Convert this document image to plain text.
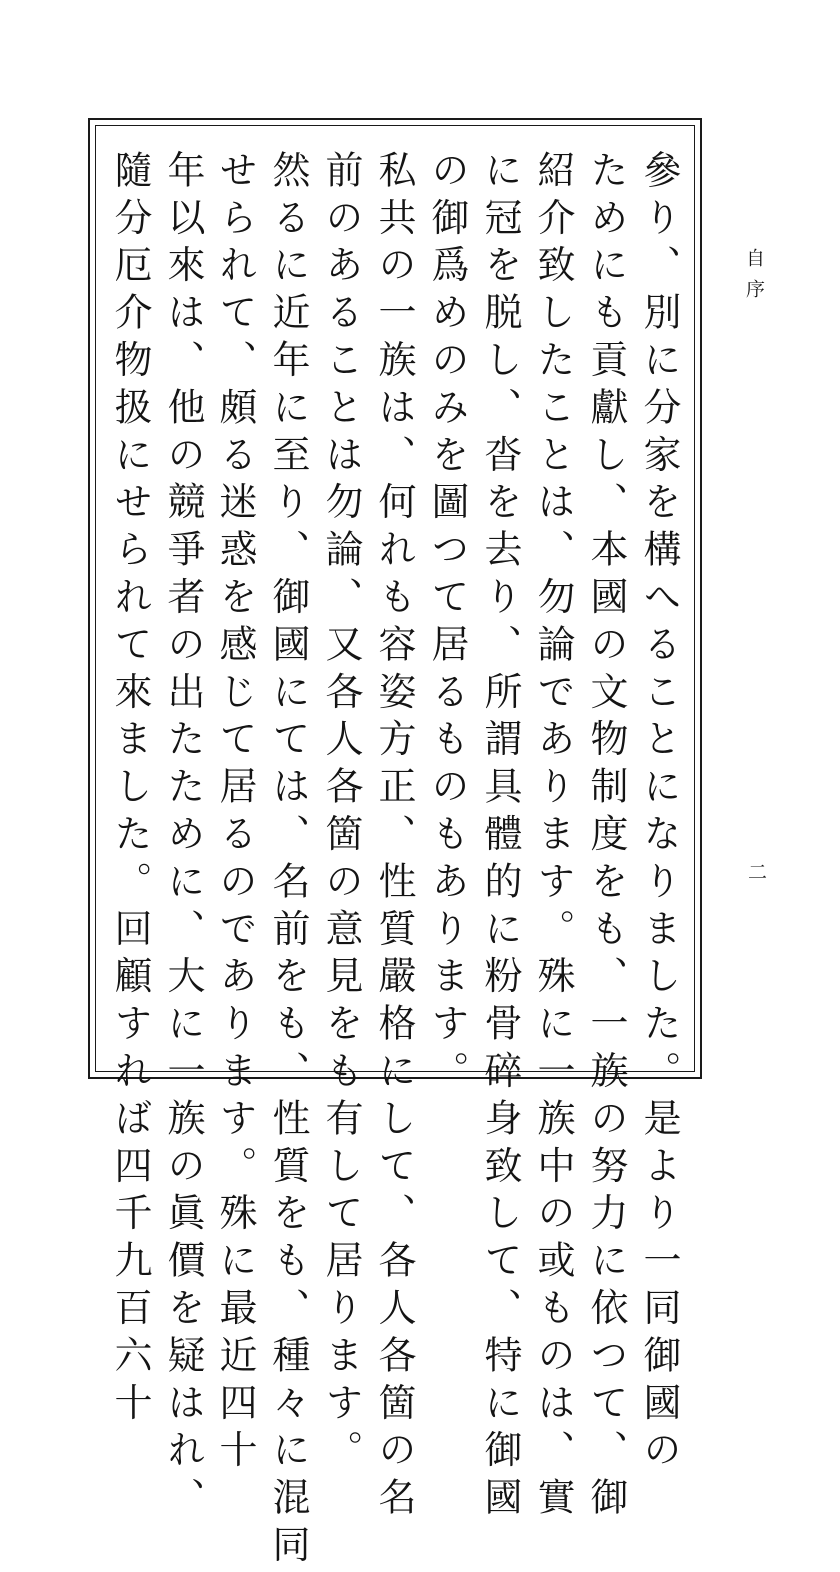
參り、別に分家を構へることになりました。是より一同御國の
ためにも貢獻し、本國の文物制度をも、一族の努力に依つて、御
紹介致したことは、勿論であります。殊に一族中の或ものは、實
に冠を脱し、沓を去り、所謂具體的に粉骨碎身致して、特に御國
の御爲めのみを圖つて居るものもあります。
私共の一族は、何れも容姿方正、性質嚴格にして、各人各箇の名
前のあることは勿論、又各人各箇の意見をも有して居ります。
然るに近年に至り、御國にては、名前をも、性質をも、種々に混同
せられて、頗る迷惑を感じて居るのであります。殊に最近四十
年以來は、他の競爭者の出たために、大に一族の眞價を疑はれ、
隨分厄介物扱にせられて來ました。回顧すれば四千九百六十	自序
二
